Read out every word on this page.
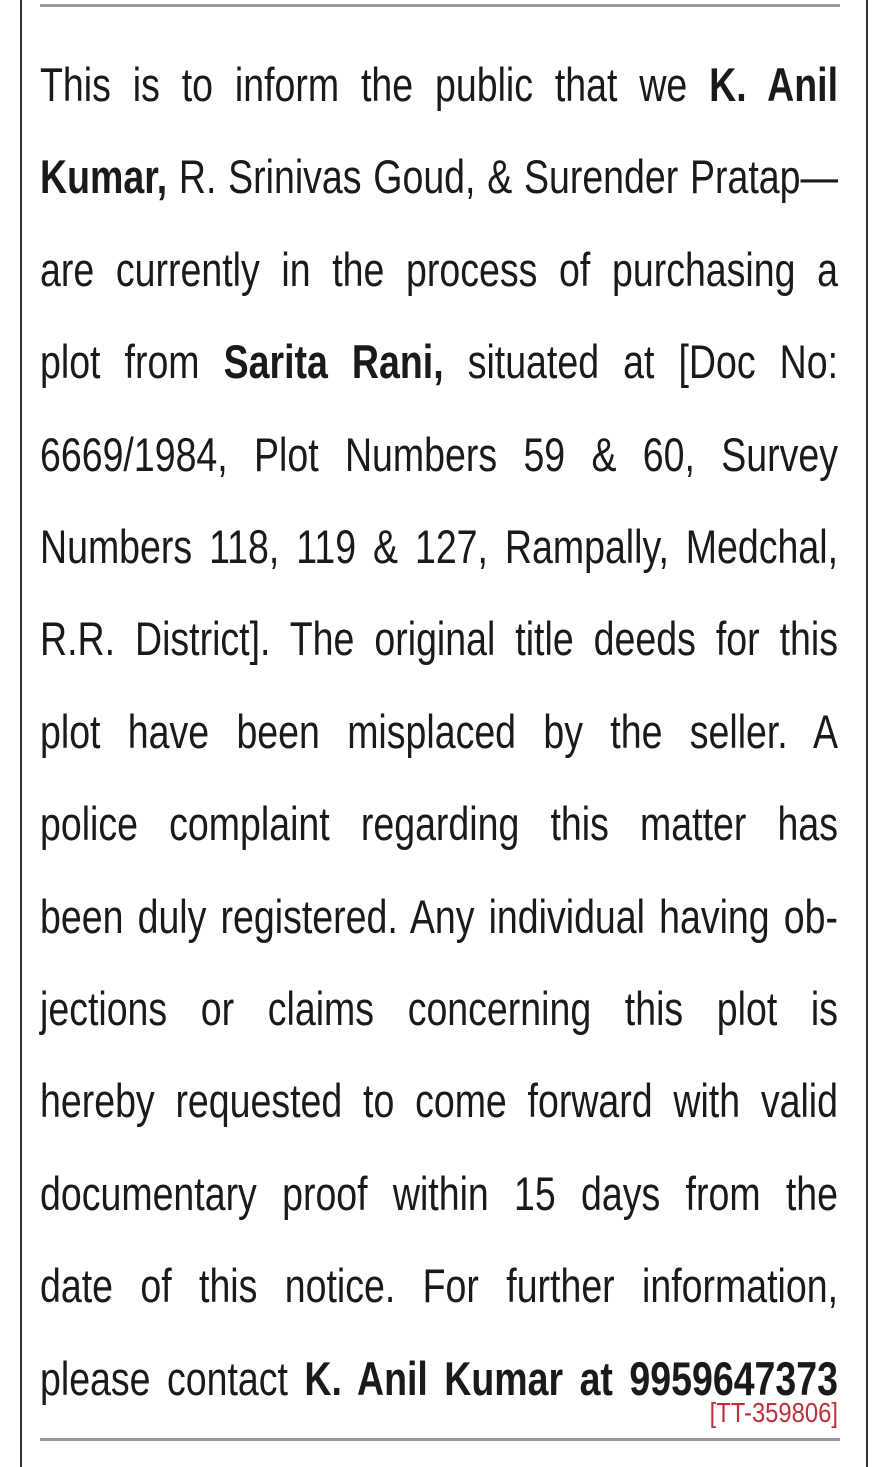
This is to inform the public that we K. Anil
Kumar, R. Srinivas Goud, & Surender Pratap—
are currently in the process of purchasing a
plot from Sarita Rani, situated at [Doc No:
6669/1984, Plot Numbers 59 & 60, Survey
Numbers 118, 119 & 127, Rampally, Medchal,
R.R. District]. The original title deeds for this
plot have been misplaced by the seller. A
police complaint regarding this matter has
been duly registered. Any individual having ob-
jections or claims concerning this plot is
hereby requested to come forward with valid
documentary proof within 15 days from the
date of this notice. For further information,
please contact K. Anil Kumar at 9959647373
[TT-359806]
